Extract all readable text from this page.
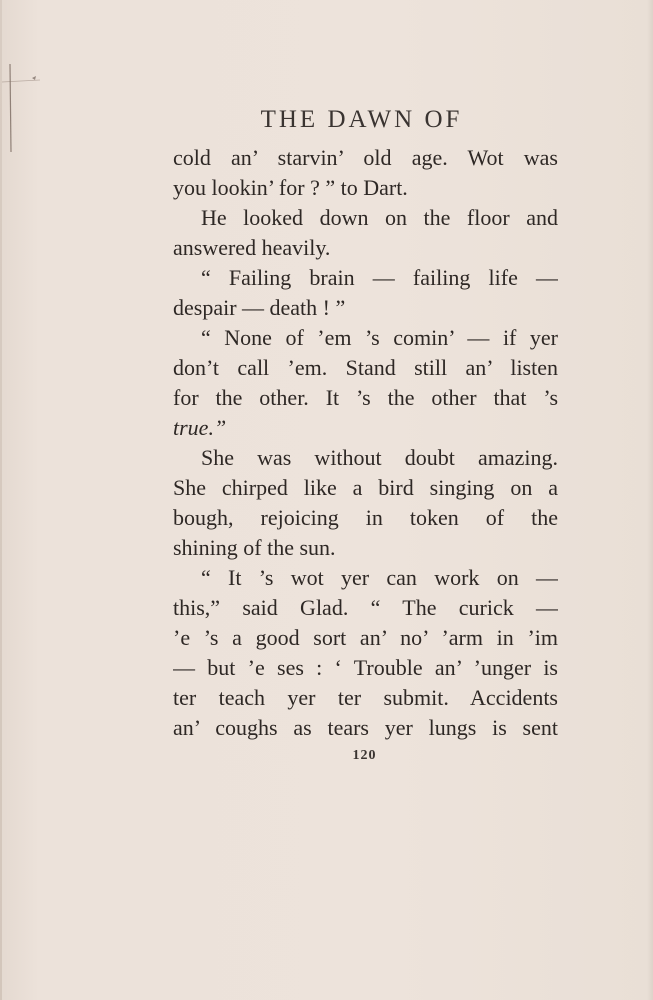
THE DAWN OF
cold an’ starvin’ old age. Wot was
you lookin’ for ? ” to Dart.
He looked down on the floor and
answered heavily.
“ Failing brain — failing life —
despair — death ! ”
“ None of ’em ’s comin’ — if yer
don’t call ’em. Stand still an’ listen
for the other. It ’s the other that ’s
true.”
She was without doubt amazing.
She chirped like a bird singing on a
bough, rejoicing in token of the
shining of the sun.
“ It ’s wot yer can work on —
this,” said Glad. “ The curick —
’e ’s a good sort an’ no’ ’arm in ’im
— but ’e ses : ‘ Trouble an’ ’unger is
ter teach yer ter submit. Accidents
an’ coughs as tears yer lungs is sent
120
